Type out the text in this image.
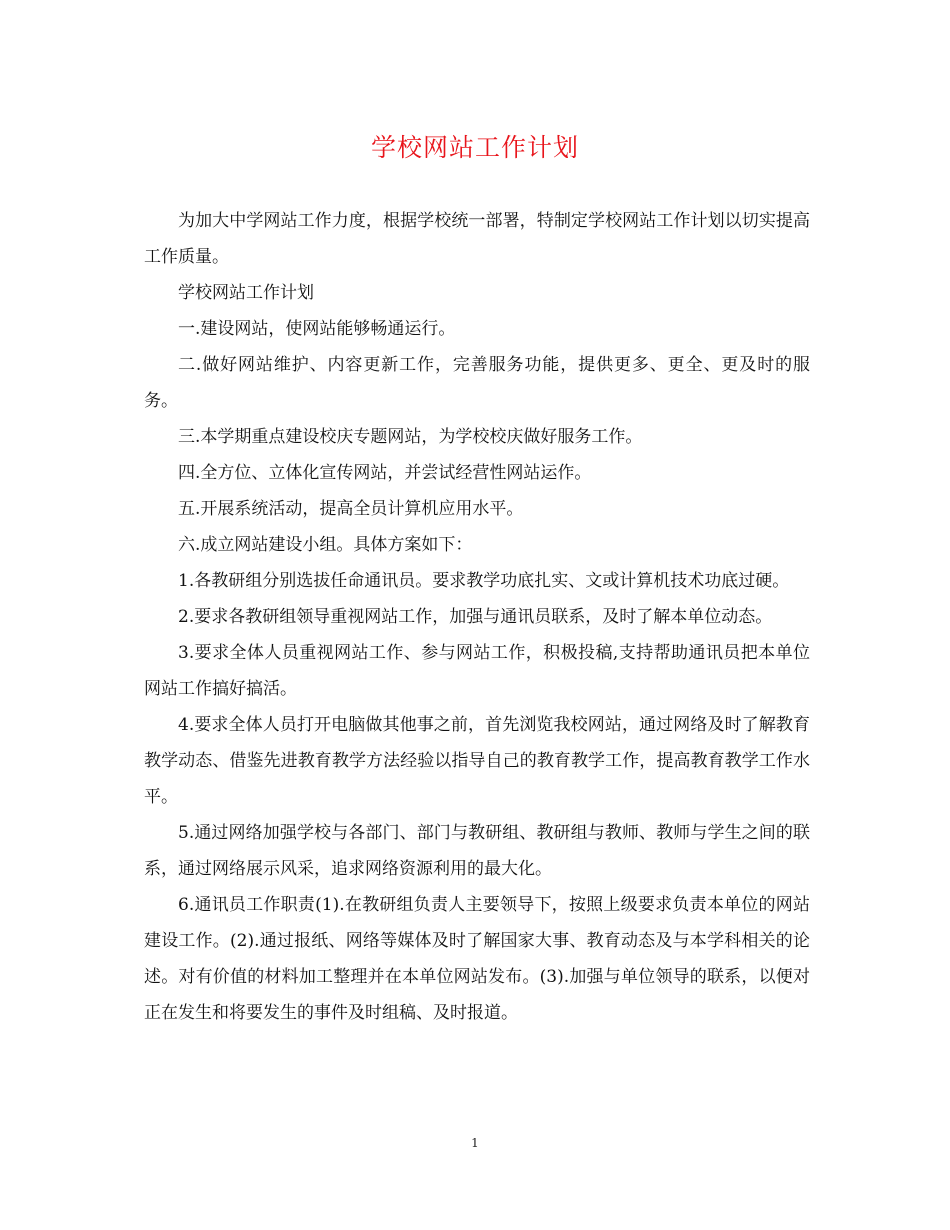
学校网站工作计划

为加大中学网站工作力度，根据学校统一部署，特制定学校网站工作计划以切实提高工作质量。

学校网站工作计划

一.建设网站，使网站能够畅通运行。

二.做好网站维护、内容更新工作，完善服务功能，提供更多、更全、更及时的服务。

三.本学期重点建设校庆专题网站，为学校校庆做好服务工作。

四.全方位、立体化宣传网站，并尝试经营性网站运作。

五.开展系统活动，提高全员计算机应用水平。

六.成立网站建设小组。具体方案如下：

1.各教研组分别选拔任命通讯员。要求教学功底扎实、文或计算机技术功底过硬。

2.要求各教研组领导重视网站工作，加强与通讯员联系，及时了解本单位动态。

3.要求全体人员重视网站工作、参与网站工作，积极投稿,支持帮助通讯员把本单位网站工作搞好搞活。

4.要求全体人员打开电脑做其他事之前，首先浏览我校网站，通过网络及时了解教育教学动态、借鉴先进教育教学方法经验以指导自己的教育教学工作，提高教育教学工作水平。

5.通过网络加强学校与各部门、部门与教研组、教研组与教师、教师与学生之间的联系，通过网络展示风采，追求网络资源利用的最大化。

6.通讯员工作职责(1).在教研组负责人主要领导下，按照上级要求负责本单位的网站建设工作。(2).通过报纸、网络等媒体及时了解国家大事、教育动态及与本学科相关的论述。对有价值的材料加工整理并在本单位网站发布。(3).加强与单位领导的联系，以便对正在发生和将要发生的事件及时组稿、及时报道。

1
